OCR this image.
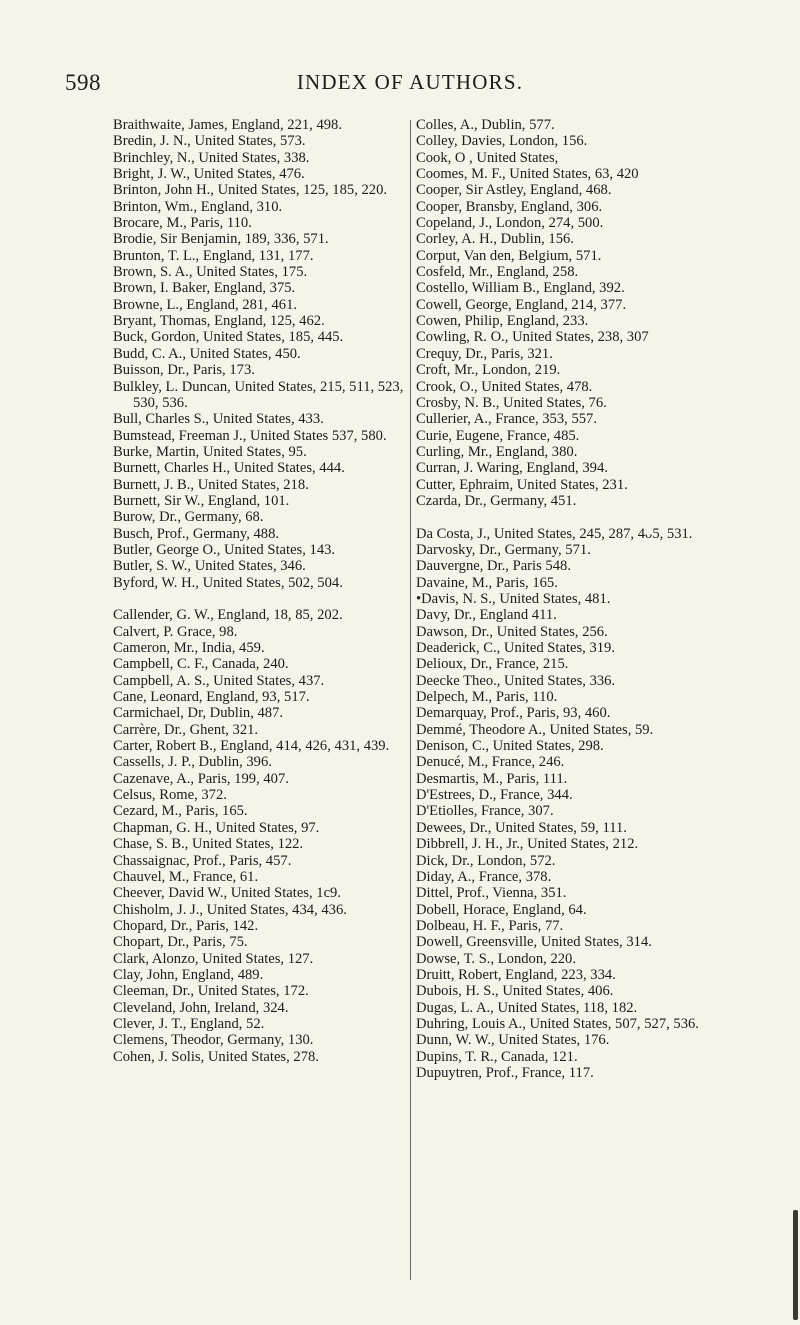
598	INDEX OF AUTHORS.
Braithwaite, James, England, 221, 498.
Bredin, J. N., United States, 573.
Brinchley, N., United States, 338.
Bright, J. W., United States, 476.
Brinton, John H., United States, 125, 185, 220.
Brinton, Wm., England, 310.
Brocare, M., Paris, 110.
Brodie, Sir Benjamin, 189, 336, 571.
Brunton, T. L., England, 131, 177.
Brown, S. A., United States, 175.
Brown, I. Baker, England, 375.
Browne, L., England, 281, 461.
Bryant, Thomas, England, 125, 462.
Buck, Gordon, United States, 185, 445.
Budd, C. A., United States, 450.
Buisson, Dr., Paris, 173.
Bulkley, L. Duncan, United States, 215, 511, 523, 530, 536.
Bull, Charles S., United States, 433.
Bumstead, Freeman J., United States 537, 580.
Burke, Martin, United States, 95.
Burnett, Charles H., United States, 444.
Burnett, J. B., United States, 218.
Burnett, Sir W., England, 101.
Burow, Dr., Germany, 68.
Busch, Prof., Germany, 488.
Butler, George O., United States, 143.
Butler, S. W., United States, 346.
Byford, W. H., United States, 502, 504.
Callender, G. W., England, 18, 85, 202.
Calvert, P. Grace, 98.
Cameron, Mr., India, 459.
Campbell, C. F., Canada, 240.
Campbell, A. S., United States, 437.
Cane, Leonard, England, 93, 517.
Carmichael, Dr, Dublin, 487.
Carrère, Dr., Ghent, 321.
Carter, Robert B., England, 414, 426, 431, 439.
Cassells, J. P., Dublin, 396.
Cazenave, A., Paris, 199, 407.
Celsus, Rome, 372.
Cezard, M., Paris, 165.
Chapman, G. H., United States, 97.
Chase, S. B., United States, 122.
Chassaignac, Prof., Paris, 457.
Chauvel, M., France, 61.
Cheever, David W., United States, 1c9.
Chisholm, J. J., United States, 434, 436.
Chopard, Dr., Paris, 142.
Chopart, Dr., Paris, 75.
Clark, Alonzo, United States, 127.
Clay, John, England, 489.
Cleeman, Dr., United States, 172.
Cleveland, John, Ireland, 324.
Clever, J. T., England, 52.
Clemens, Theodor, Germany, 130.
Cohen, J. Solis, United States, 278.
Colles, A., Dublin, 577.
Colley, Davies, London, 156.
Cook, O , United States,
Coomes, M. F., United States, 63, 420
Cooper, Sir Astley, England, 468.
Cooper, Bransby, England, 306.
Copeland, J., London, 274, 500.
Corley, A. H., Dublin, 156.
Corput, Van den, Belgium, 571.
Cosfeld, Mr., England, 258.
Costello, William B., England, 392.
Cowell, George, England, 214, 377.
Cowen, Philip, England, 233.
Cowling, R. O., United States, 238, 307
Crequy, Dr., Paris, 321.
Croft, Mr., London, 219.
Crook, O., United States, 478.
Crosby, N. B., United States, 76.
Cullerier, A., France, 353, 557.
Curie, Eugene, France, 485.
Curling, Mr., England, 380.
Curran, J. Waring, England, 394.
Cutter, Ephraim, United States, 231.
Czarda, Dr., Germany, 451.
Da Costa, J., United States, 245, 287, 4ᴗ5, 531.
Darvosky, Dr., Germany, 571.
Dauvergne, Dr., Paris 548.
Davaine, M., Paris, 165.
•Davis, N. S., United States, 481.
Davy, Dr., England 411.
Dawson, Dr., United States, 256.
Deaderick, C., United States, 319.
Delioux, Dr., France, 215.
Deecke Theo., United States, 336.
Delpech, M., Paris, 110.
Demarquay, Prof., Paris, 93, 460.
Demmé, Theodore A., United States, 59.
Denison, C., United States, 298.
Denucé, M., France, 246.
Desmartis, M., Paris, 111.
D'Estrees, D., France, 344.
D'Etiolles, France, 307.
Dewees, Dr., United States, 59, 111.
Dibbrell, J. H., Jr., United States, 212.
Dick, Dr., London, 572.
Diday, A., France, 378.
Dittel, Prof., Vienna, 351.
Dobell, Horace, England, 64.
Dolbeau, H. F., Paris, 77.
Dowell, Greensville, United States, 314.
Dowse, T. S., London, 220.
Druitt, Robert, England, 223, 334.
Dubois, H. S., United States, 406.
Dugas, L. A., United States, 118, 182.
Duhring, Louis A., United States, 507, 527, 536.
Dunn, W. W., United States, 176.
Dupins, T. R., Canada, 121.
Dupuytren, Prof., France, 117.
